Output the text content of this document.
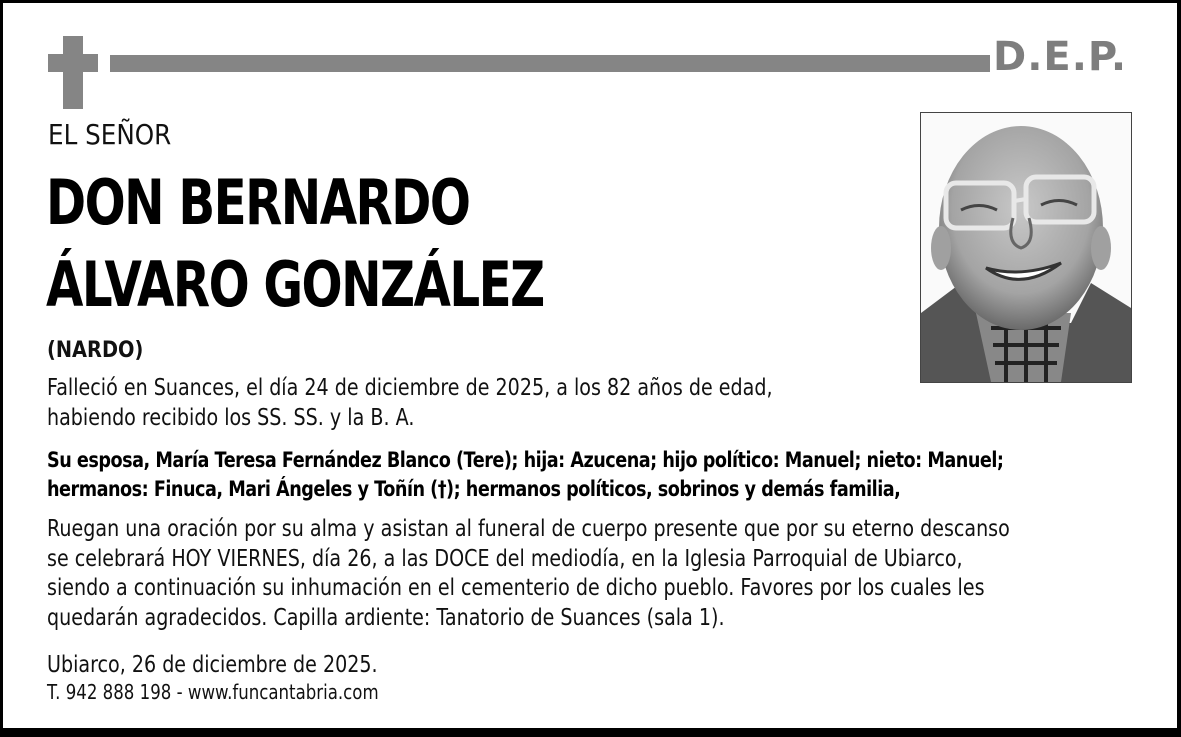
D.E.P.
EL SEÑOR
DON BERNARDO
ÁLVARO GONZÁLEZ
(NARDO)
Falleció en Suances, el día 24 de diciembre de 2025, a los 82 años de edad,
habiendo recibido los SS. SS. y la B. A.
Su esposa, María Teresa Fernández Blanco (Tere); hija: Azucena; hijo político: Manuel; nieto: Manuel;
hermanos: Finuca, Mari Ángeles y Toñín (†); hermanos políticos, sobrinos y demás familia,
Ruegan una oración por su alma y asistan al funeral de cuerpo presente que por su eterno descanso
se celebrará HOY VIERNES, día 26, a las DOCE del mediodía, en la Iglesia Parroquial de Ubiarco,
siendo a continuación su inhumación en el cementerio de dicho pueblo. Favores por los cuales les
quedarán agradecidos. Capilla ardiente: Tanatorio de Suances (sala 1).
Ubiarco, 26 de diciembre de 2025.
T. 942 888 198 - www.funcantabria.com
